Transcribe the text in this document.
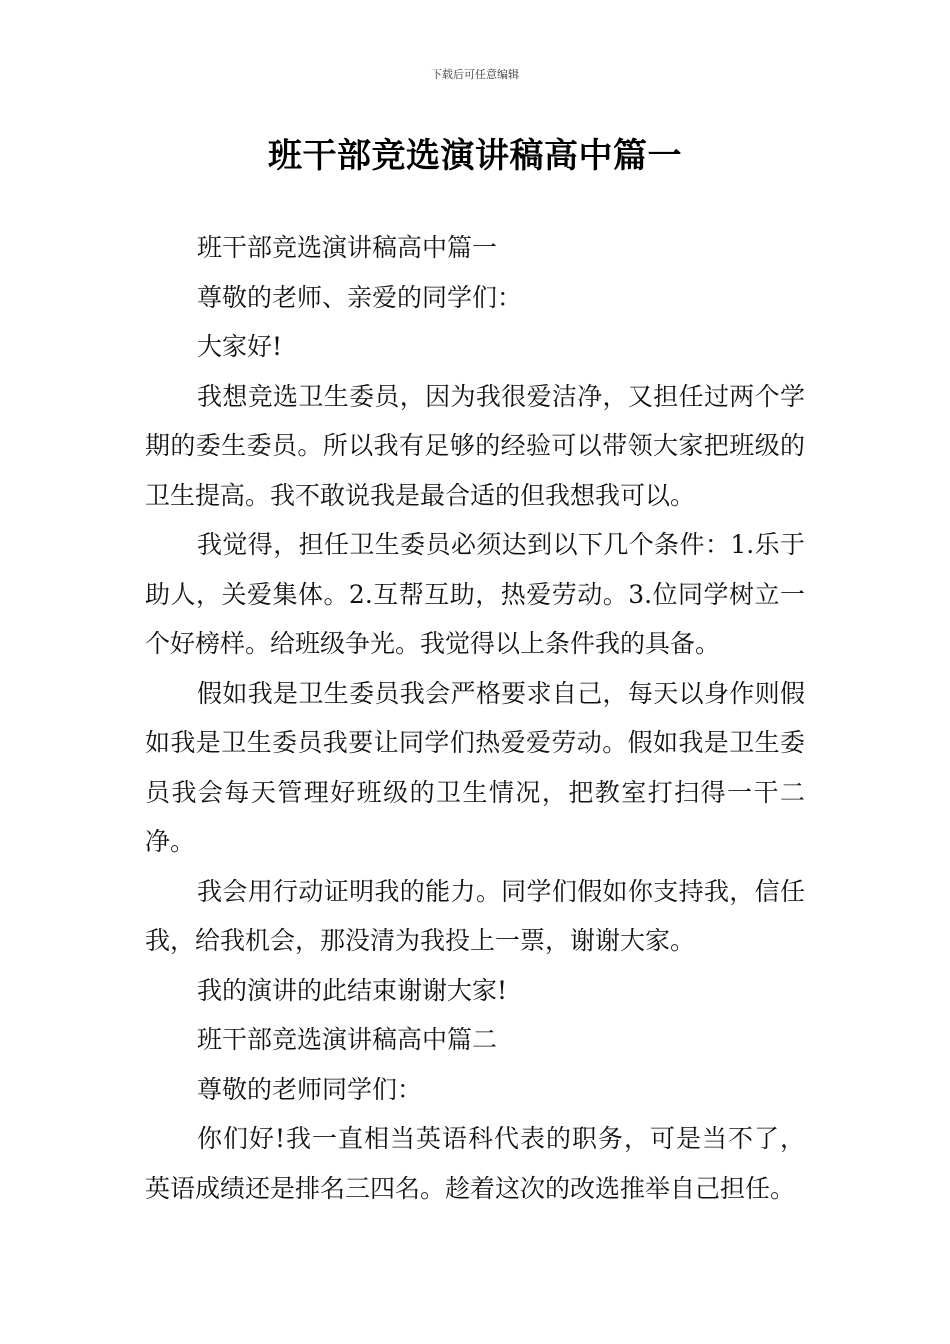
下载后可任意编辑
班干部竞选演讲稿高中篇一

班干部竞选演讲稿高中篇一

尊敬的老师、亲爱的同学们：

大家好!

我想竞选卫生委员，因为我很爱洁净，又担任过两个学期的委生委员。所以我有足够的经验可以带领大家把班级的卫生提高。我不敢说我是最合适的但我想我可以。

我觉得，担任卫生委员必须达到以下几个条件：1.乐于助人，关爱集体。2.互帮互助，热爱劳动。3.位同学树立一个好榜样。给班级争光。我觉得以上条件我的具备。

假如我是卫生委员我会严格要求自己，每天以身作则假如我是卫生委员我要让同学们热爱爱劳动。假如我是卫生委员我会每天管理好班级的卫生情况，把教室打扫得一干二净。

我会用行动证明我的能力。同学们假如你支持我，信任我，给我机会，那没清为我投上一票，谢谢大家。

我的演讲的此结束谢谢大家!

班干部竞选演讲稿高中篇二

尊敬的老师同学们：

你们好!我一直相当英语科代表的职务，可是当不了，英语成绩还是排名三四名。趁着这次的改选推举自己担任。
